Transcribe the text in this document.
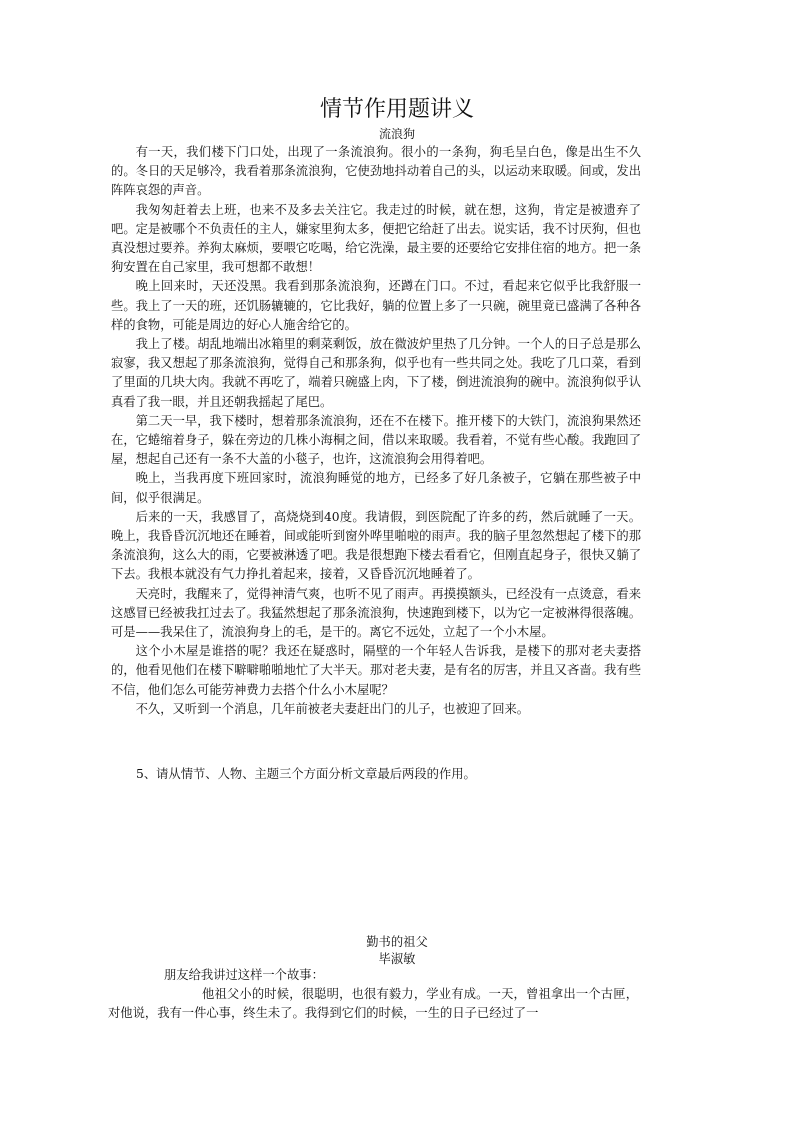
情节作用题讲义
流浪狗

有一天，我们楼下门口处，出现了一条流浪狗。很小的一条狗，狗毛呈白色，像是出生不久的。冬日的天足够冷，我看着那条流浪狗，它使劲地抖动着自己的头，以运动来取暖。间或，发出阵阵哀怨的声音。

我匆匆赶着去上班，也来不及多去关注它。我走过的时候，就在想，这狗，肯定是被遗弃了吧。定是被哪个不负责任的主人，嫌家里狗太多，便把它给赶了出去。说实话，我不讨厌狗，但也真没想过要养。养狗太麻烦，要喂它吃喝，给它洗澡，最主要的还要给它安排住宿的地方。把一条狗安置在自己家里，我可想都不敢想！

晚上回来时，天还没黑。我看到那条流浪狗，还蹲在门口。不过，看起来它似乎比我舒服一些。我上了一天的班，还饥肠辘辘的，它比我好，躺的位置上多了一只碗，碗里竟已盛满了各种各样的食物，可能是周边的好心人施舍给它的。

我上了楼。胡乱地端出冰箱里的剩菜剩饭，放在微波炉里热了几分钟。一个人的日子总是那么寂寥，我又想起了那条流浪狗，觉得自己和那条狗，似乎也有一些共同之处。我吃了几口菜，看到了里面的几块大肉。我就不再吃了，端着只碗盛上肉，下了楼，倒进流浪狗的碗中。流浪狗似乎认真看了我一眼，并且还朝我摇起了尾巴。

第二天一早，我下楼时，想着那条流浪狗，还在不在楼下。推开楼下的大铁门，流浪狗果然还在，它蜷缩着身子，躲在旁边的几株小海桐之间，借以来取暖。我看着，不觉有些心酸。我跑回了屋，想起自己还有一条不大盖的小毯子，也许，这流浪狗会用得着吧。

晚上，当我再度下班回家时，流浪狗睡觉的地方，已经多了好几条被子，它躺在那些被子中间，似乎很满足。

后来的一天，我感冒了，高烧烧到40度。我请假，到医院配了许多的药，然后就睡了一天。晚上，我昏昏沉沉地还在睡着，间或能听到窗外哗里啪啦的雨声。我的脑子里忽然想起了楼下的那条流浪狗，这么大的雨，它要被淋透了吧。我是很想跑下楼去看看它，但刚直起身子，很快又躺了下去。我根本就没有气力挣扎着起来，接着，又昏昏沉沉地睡着了。

天亮时，我醒来了，觉得神清气爽，也听不见了雨声。再摸摸额头，已经没有一点烫意，看来这感冒已经被我扛过去了。我猛然想起了那条流浪狗，快速跑到楼下，以为它一定被淋得很落魄。可是——我呆住了，流浪狗身上的毛，是干的。离它不远处，立起了一个小木屋。

这个小木屋是谁搭的呢？我还在疑惑时，隔壁的一个年轻人告诉我，是楼下的那对老夫妻搭的，他看见他们在楼下噼噼啪啪地忙了大半天。那对老夫妻，是有名的厉害，并且又吝啬。我有些不信，他们怎么可能劳神费力去搭个什么小木屋呢？

不久，又听到一个消息，几年前被老夫妻赶出门的儿子，也被迎了回来。

5、请从情节、人物、主题三个方面分析文章最后两段的作用。

勤书的祖父
毕淑敏

朋友给我讲过这样一个故事：

他祖父小的时候，很聪明，也很有毅力，学业有成。一天，曾祖拿出一个古匣，对他说，我有一件心事，终生未了。我得到它们的时候，一生的日子已经过了一
